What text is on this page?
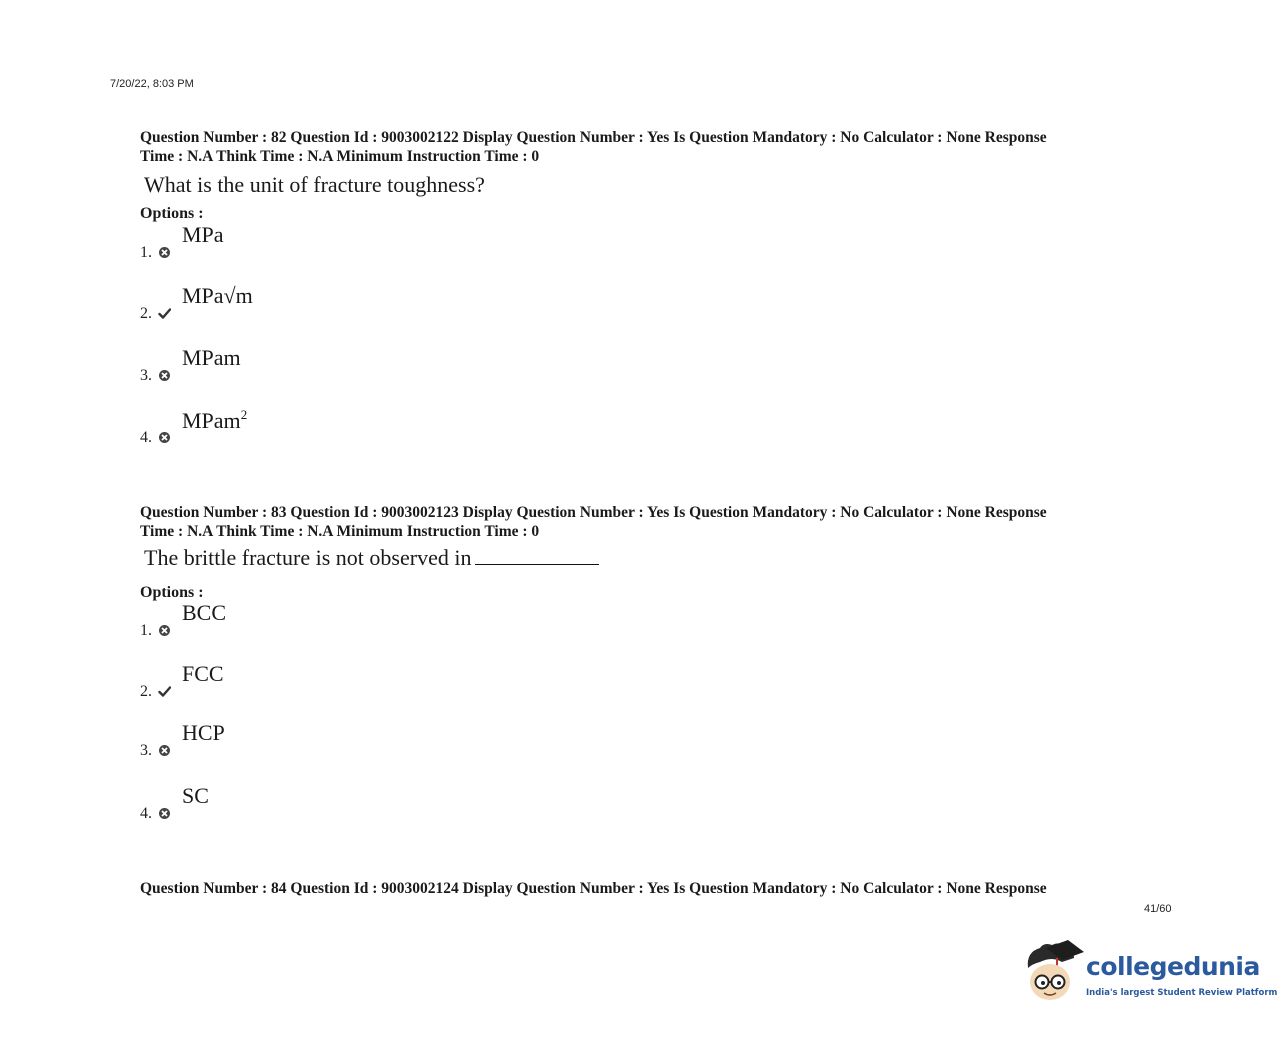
7/20/22, 8:03 PM
Question Number : 82 Question Id : 9003002122 Display Question Number : Yes Is Question Mandatory : No Calculator : None Response
Time : N.A Think Time : N.A Minimum Instruction Time : 0
What is the unit of fracture toughness?
Options :
1.
MPa
2.
MPa√m
3.
MPam
4.
MPam$^2$
Question Number : 83 Question Id : 9003002123 Display Question Number : Yes Is Question Mandatory : No Calculator : None Response
Time : N.A Think Time : N.A Minimum Instruction Time : 0
The brittle fracture is not observed in
Options :
1.
BCC
2.
FCC
3.
HCP
4.
SC
Question Number : 84 Question Id : 9003002124 Display Question Number : Yes Is Question Mandatory : No Calculator : None Response
41/60
collegedunia
India's largest Student Review Platform
